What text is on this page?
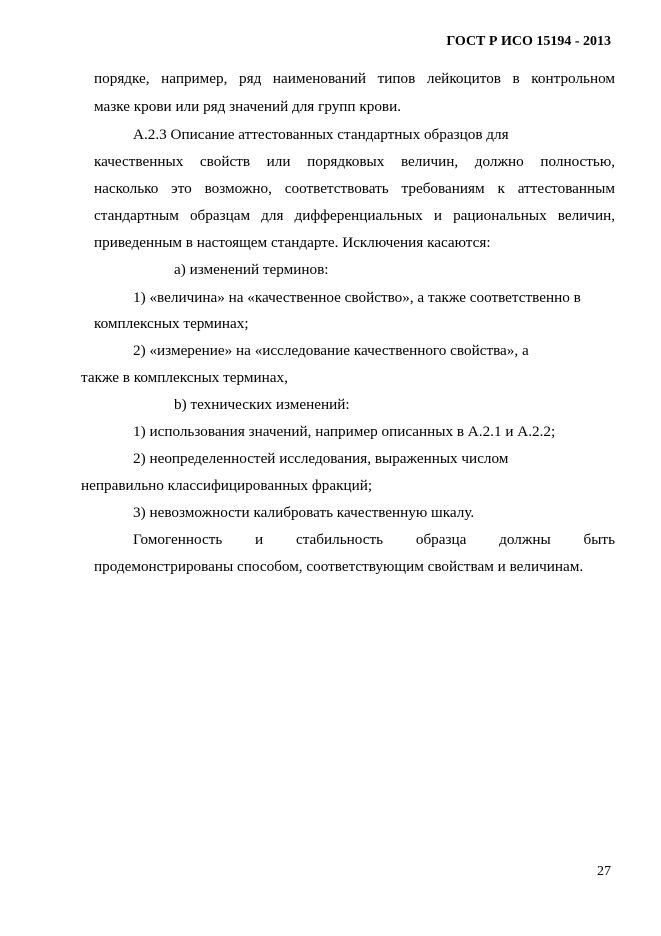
ГОСТ Р ИСО 15194 - 2013
порядке, например, ряд наименований типов лейкоцитов в контрольном
мазке крови или ряд значений для групп крови.
A.2.3 Описание аттестованных стандартных образцов для
качественных свойств или порядковых величин, должно полностью,
насколько это возможно, соответствовать требованиям к аттестованным
стандартным образцам для дифференциальных и рациональных величин,
приведенным в настоящем стандарте. Исключения касаются:
a) изменений терминов:
1) «величина» на «качественное свойство», а также соответственно в
комплексных терминах;
2) «измерение» на «исследование качественного свойства», а
также в комплексных терминах,
b) технических изменений:
1) использования значений, например описанных в A.2.1 и A.2.2;
2) неопределенностей исследования, выраженных числом
неправильно классифицированных фракций;
3) невозможности калибровать качественную шкалу.
Гомогенность и стабильность образца должны быть
продемонстрированы способом, соответствующим свойствам и величинам.
27
